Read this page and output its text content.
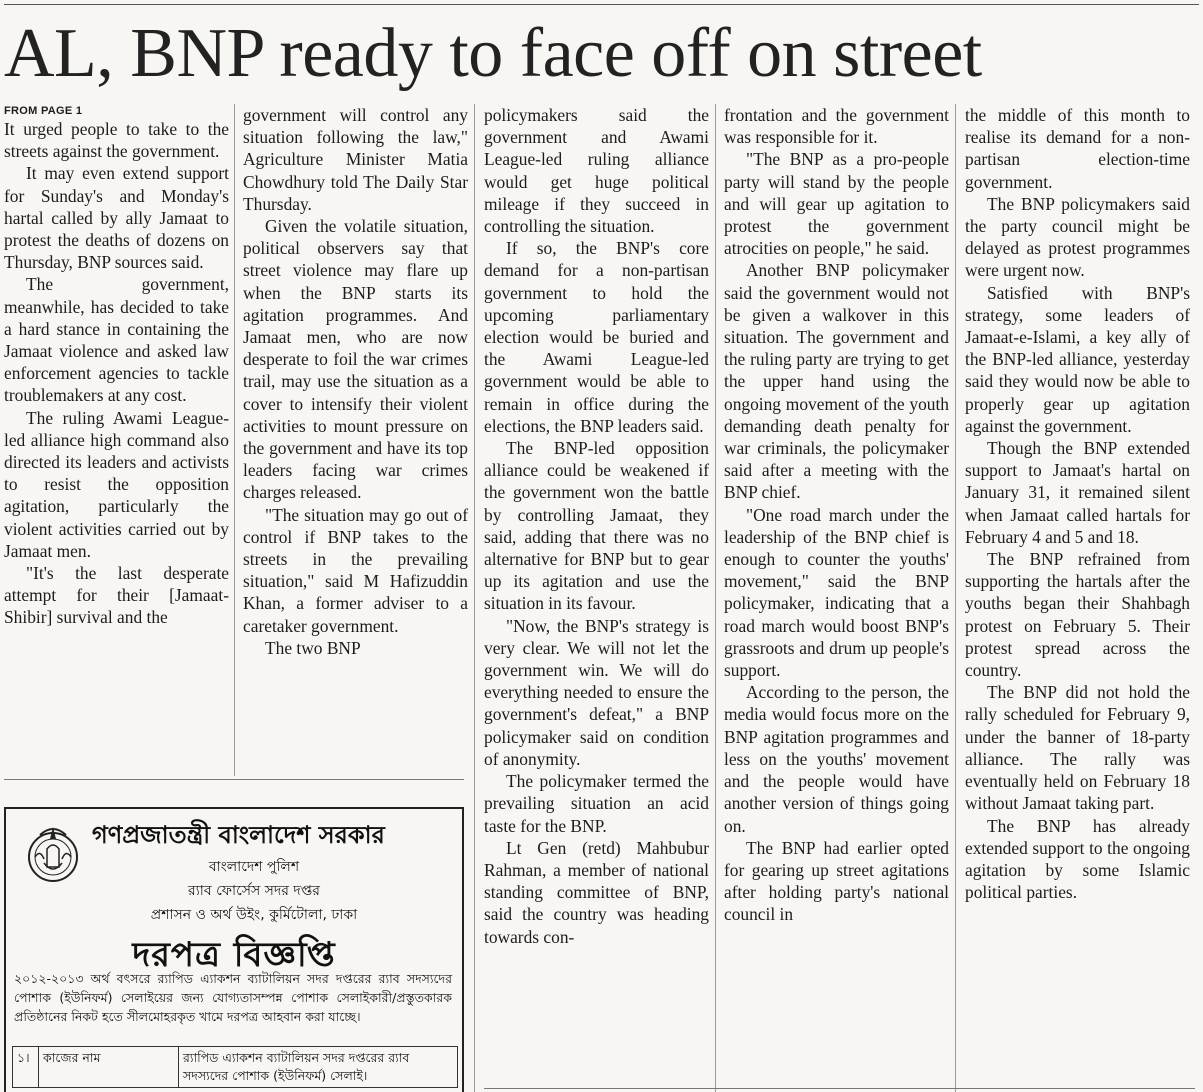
AL, BNP ready to face off on street
FROM PAGE 1

It urged people to take to the streets against the government.

It may even extend support for Sunday's and Monday's hartal called by ally Jamaat to protest the deaths of dozens on Thursday, BNP sources said.

The government, meanwhile, has decided to take a hard stance in containing the Jamaat violence and asked law enforcement agencies to tackle troublemakers at any cost.

The ruling Awami League-led alliance high command also directed its leaders and activists to resist the opposition agitation, particularly the violent activities carried out by Jamaat men.

"It's the last desperate attempt for their [Jamaat-Shibir] survival and the

government will control any situation following the law," Agriculture Minister Matia Chowdhury told The Daily Star Thursday.

Given the volatile situation, political observers say that street violence may flare up when the BNP starts its agitation programmes. And Jamaat men, who are now desperate to foil the war crimes trail, may use the situation as a cover to intensify their violent activities to mount pressure on the government and have its top leaders facing war crimes charges released.

"The situation may go out of control if BNP takes to the streets in the prevailing situation," said M Hafizuddin Khan, a former adviser to a caretaker government.

The two BNP

policymakers said the government and Awami League-led ruling alliance would get huge political mileage if they succeed in controlling the situation.

If so, the BNP's core demand for a non-partisan government to hold the upcoming parliamentary election would be buried and the Awami League-led government would be able to remain in office during the elections, the BNP leaders said.

The BNP-led opposition alliance could be weakened if the government won the battle by controlling Jamaat, they said, adding that there was no alternative for BNP but to gear up its agitation and use the situation in its favour.

"Now, the BNP's strategy is very clear. We will not let the government win. We will do everything needed to ensure the government's defeat," a BNP policymaker said on condition of anonymity.

The policymaker termed the prevailing situation an acid taste for the BNP.

Lt Gen (retd) Mahbubur Rahman, a member of national standing committee of BNP, said the country was heading towards con-

frontation and the government was responsible for it.

"The BNP as a pro-people party will stand by the people and will gear up agitation to protest the government atrocities on people," he said.

Another BNP policymaker said the government would not be given a walkover in this situation. The government and the ruling party are trying to get the upper hand using the ongoing movement of the youth demanding death penalty for war criminals, the policymaker said after a meeting with the BNP chief.

"One road march under the leadership of the BNP chief is enough to counter the youths' movement," said the BNP policymaker, indicating that a road march would boost BNP's grassroots and drum up people's support.

According to the person, the media would focus more on the BNP agitation programmes and less on the youths' movement and the people would have another version of things going on.

The BNP had earlier opted for gearing up street agitations after holding party's national council in

the middle of this month to realise its demand for a non-partisan election-time government.

The BNP policymakers said the party council might be delayed as protest programmes were urgent now.

Satisfied with BNP's strategy, some leaders of Jamaat-e-Islami, a key ally of the BNP-led alliance, yesterday said they would now be able to properly gear up agitation against the government.

Though the BNP extended support to Jamaat's hartal on January 31, it remained silent when Jamaat called hartals for February 4 and 5 and 18.

The BNP refrained from supporting the hartals after the youths began their Shahbagh protest on February 5. Their protest spread across the country.

The BNP did not hold the rally scheduled for February 9, under the banner of 18-party alliance. The rally was eventually held on February 18 without Jamaat taking part.

The BNP has already extended support to the ongoing agitation by some Islamic political parties.

গণপ্রজাতন্ত্রী বাংলাদেশ সরকার
বাংলাদেশ পুলিশ
র‍্যাব ফোর্সেস সদর দপ্তর
প্রশাসন ও অর্থ উইং, কুর্মিটোলা, ঢাকা
দরপত্র বিজ্ঞপ্তি
২০১২-২০১৩ অর্থ বৎসরে র‍্যাপিড এ্যাকশন ব্যাটালিয়ন সদর দপ্তরের র‍্যাব সদস্যদের পোশাক (ইউনিফর্ম) সেলাইয়ের জন্য যোগ্যতাসম্পন্ন পোশাক সেলাইকারী/প্রস্তুতকারক প্রতিষ্ঠানের নিকট হতে সীলমোহরকৃত খামে দরপত্র আহবান করা যাচ্ছে।
১।	কাজের নাম	র‍্যাপিড এ্যাকশন ব্যাটালিয়ন সদর দপ্তরের র‍্যাব সদস্যদের পোশাক (ইউনিফর্ম) সেলাই।
